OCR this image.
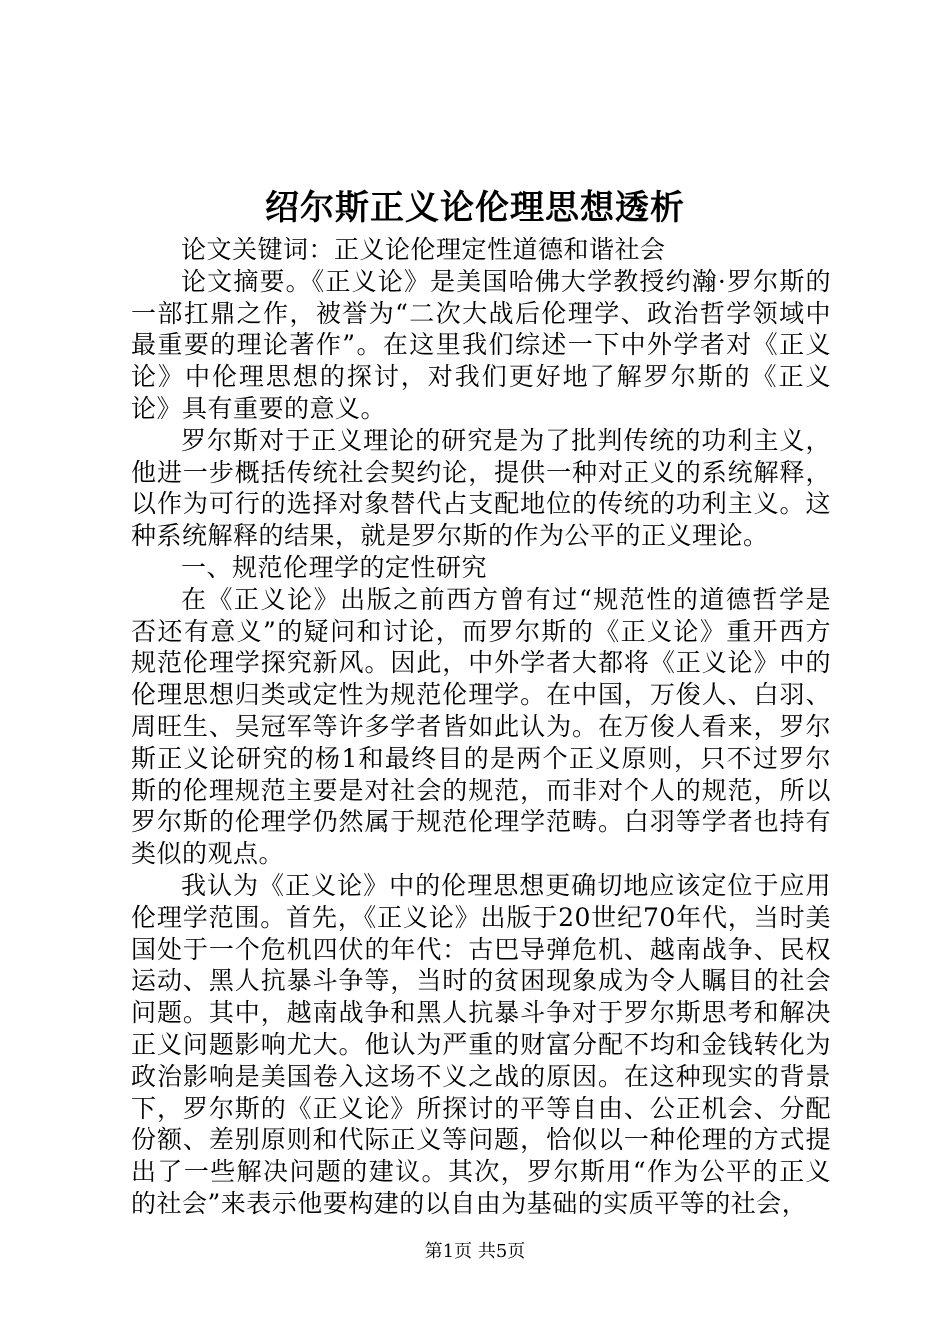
绍尔斯正义论伦理思想透析

论文关键词：正义论伦理定性道德和谐社会

论文摘要。《正义论》是美国哈佛大学教授约瀚·罗尔斯的一部扛鼎之作，被誉为“二次大战后伦理学、政治哲学领域中最重要的理论著作”。在这里我们综述一下中外学者对《正义论》中伦理思想的探讨，对我们更好地了解罗尔斯的《正义论》具有重要的意义。

罗尔斯对于正义理论的研究是为了批判传统的功利主义，他进一步概括传统社会契约论，提供一种对正义的系统解释，以作为可行的选择对象替代占支配地位的传统的功利主义。这种系统解释的结果，就是罗尔斯的作为公平的正义理论。

一、规范伦理学的定性研究

在《正义论》出版之前西方曾有过“规范性的道德哲学是否还有意义”的疑问和讨论，而罗尔斯的《正义论》重开西方规范伦理学探究新风。因此，中外学者大都将《正义论》中的伦理思想归类或定性为规范伦理学。在中国，万俊人、白羽、周旺生、吴冠军等许多学者皆如此认为。在万俊人看来，罗尔斯正义论研究的杨1和最终目的是两个正义原则，只不过罗尔斯的伦理规范主要是对社会的规范，而非对个人的规范，所以罗尔斯的伦理学仍然属于规范伦理学范畴。白羽等学者也持有类似的观点。

我认为《正义论》中的伦理思想更确切地应该定位于应用伦理学范围。首先，《正义论》出版于20世纪70年代，当时美国处于一个危机四伏的年代：古巴导弹危机、越南战争、民权运动、黑人抗暴斗争等，当时的贫困现象成为令人瞩目的社会问题。其中，越南战争和黑人抗暴斗争对于罗尔斯思考和解决正义问题影响尤大。他认为严重的财富分配不均和金钱转化为政治影响是美国卷入这场不义之战的原因。在这种现实的背景下，罗尔斯的《正义论》所探讨的平等自由、公正机会、分配份额、差别原则和代际正义等问题，恰似以一种伦理的方式提出了一些解决问题的建议。其次，罗尔斯用“作为公平的正义的社会”来表示他要构建的以自由为基础的实质平等的社会，

第1页 共5页
